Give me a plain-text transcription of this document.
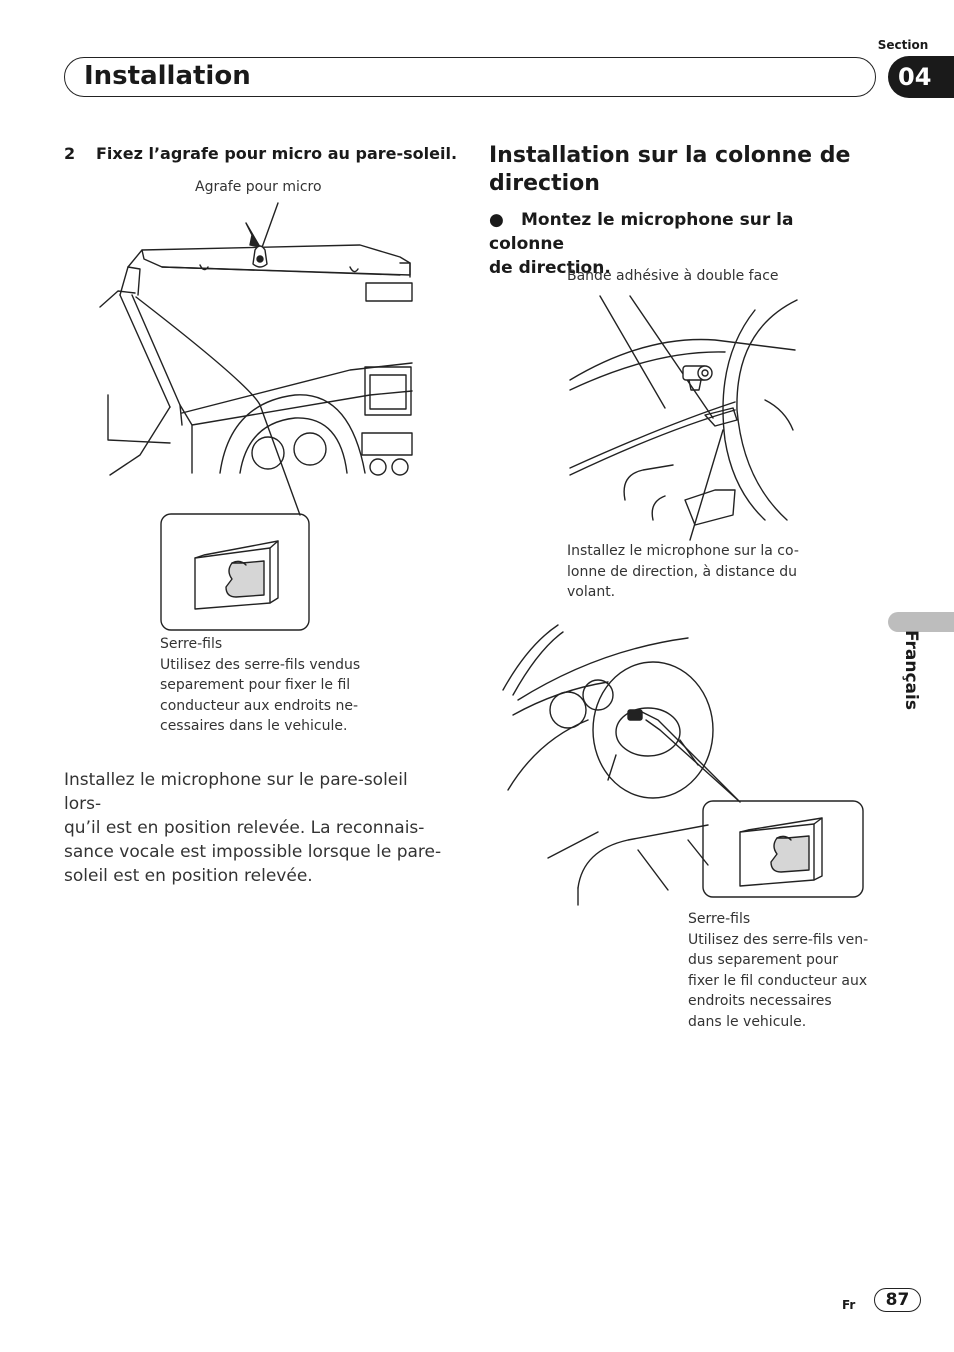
Section
Installation	04
Français
2 Fixez l’agrafe pour micro au pare-soleil.
Agrafe pour micro
Serre-fils
Utilisez des serre-fils vendus
separement pour fixer le fil
conducteur aux endroits ne-
cessaires dans le vehicule.
Installez le microphone sur le pare-soleil lors-
qu’il est en position relevée. La reconnais-
sance vocale est impossible lorsque le pare-
soleil est en position relevée.
Installation sur la colonne de
direction
● Montez le microphone sur la colonne
de direction.
Bande adhésive à double face
Installez le microphone sur la co-
lonne de direction, à distance du
volant.
Serre-fils
Utilisez des serre-fils ven-
dus separement pour
fixer le fil conducteur aux
endroits necessaires
dans le vehicule.
Fr	87
